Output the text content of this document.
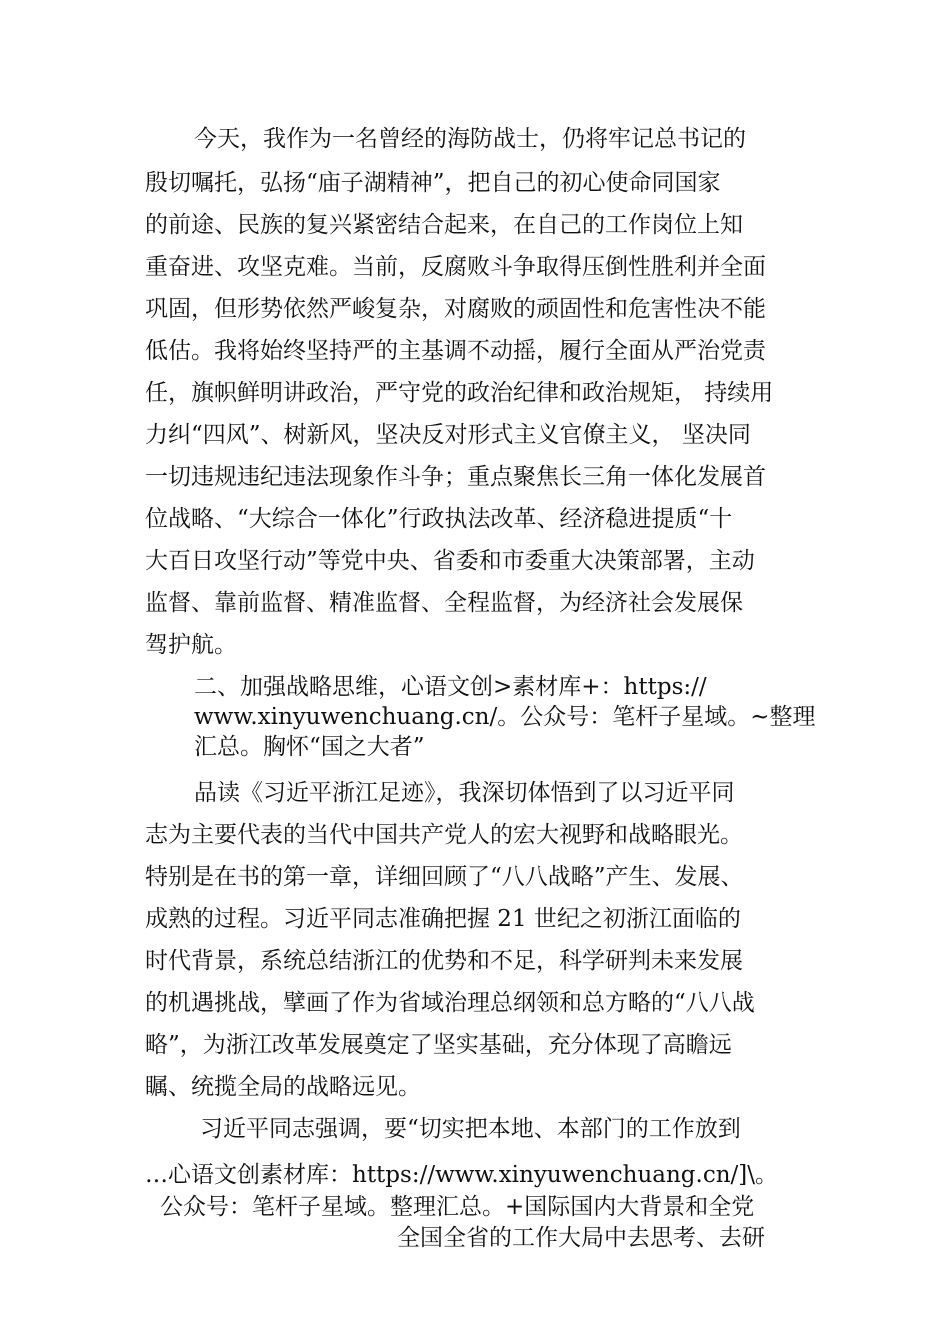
今天，我作为一名曾经的海防战士，仍将牢记总书记的

殷切嘱托，弘扬“庙子湖精神”，把自己的初心使命同国家

的前途、民族的复兴紧密结合起来，在自己的工作岗位上知

重奋进、攻坚克难。当前，反腐败斗争取得压倒性胜利并全面

巩固，但形势依然严峻复杂，对腐败的顽固性和危害性决不能

低估。我将始终坚持严的主基调不动摇，履行全面从严治党责

任，旗帜鲜明讲政治，严守党的政治纪律和政治规矩， 持续用

力纠“四风”、树新风，坚决反对形式主义官僚主义， 坚决同

一切违规违纪违法现象作斗争；重点聚焦长三角一体化发展首

位战略、“大综合一体化”行政执法改革、经济稳进提质“十

大百日攻坚行动”等党中央、省委和市委重大决策部署，主动

监督、靠前监督、精准监督、全程监督，为经济社会发展保

驾护航。

二、加强战略思维，心语文创>素材库+：https://

www.xinyuwenchuang.cn/。公众号：笔杆子星域。~整理

汇总。胸怀“国之大者”

品读《习近平浙江足迹》，我深切体悟到了以习近平同

志为主要代表的当代中国共产党人的宏大视野和战略眼光。

特别是在书的第一章，详细回顾了“八八战略”产生、发展、

成熟的过程。习近平同志准确把握 21 世纪之初浙江面临的

时代背景，系统总结浙江的优势和不足，科学研判未来发展

的机遇挑战，擘画了作为省域治理总纲领和总方略的“八八战

略”，为浙江改革发展奠定了坚实基础，充分体现了高瞻远

瞩、统揽全局的战略远见。

习近平同志强调，要“切实把本地、本部门的工作放到

…心语文创素材库：https://www.xinyuwenchuang.cn/]\。

公众号：笔杆子星域。整理汇总。+国际国内大背景和全党

全国全省的工作大局中去思考、去研
